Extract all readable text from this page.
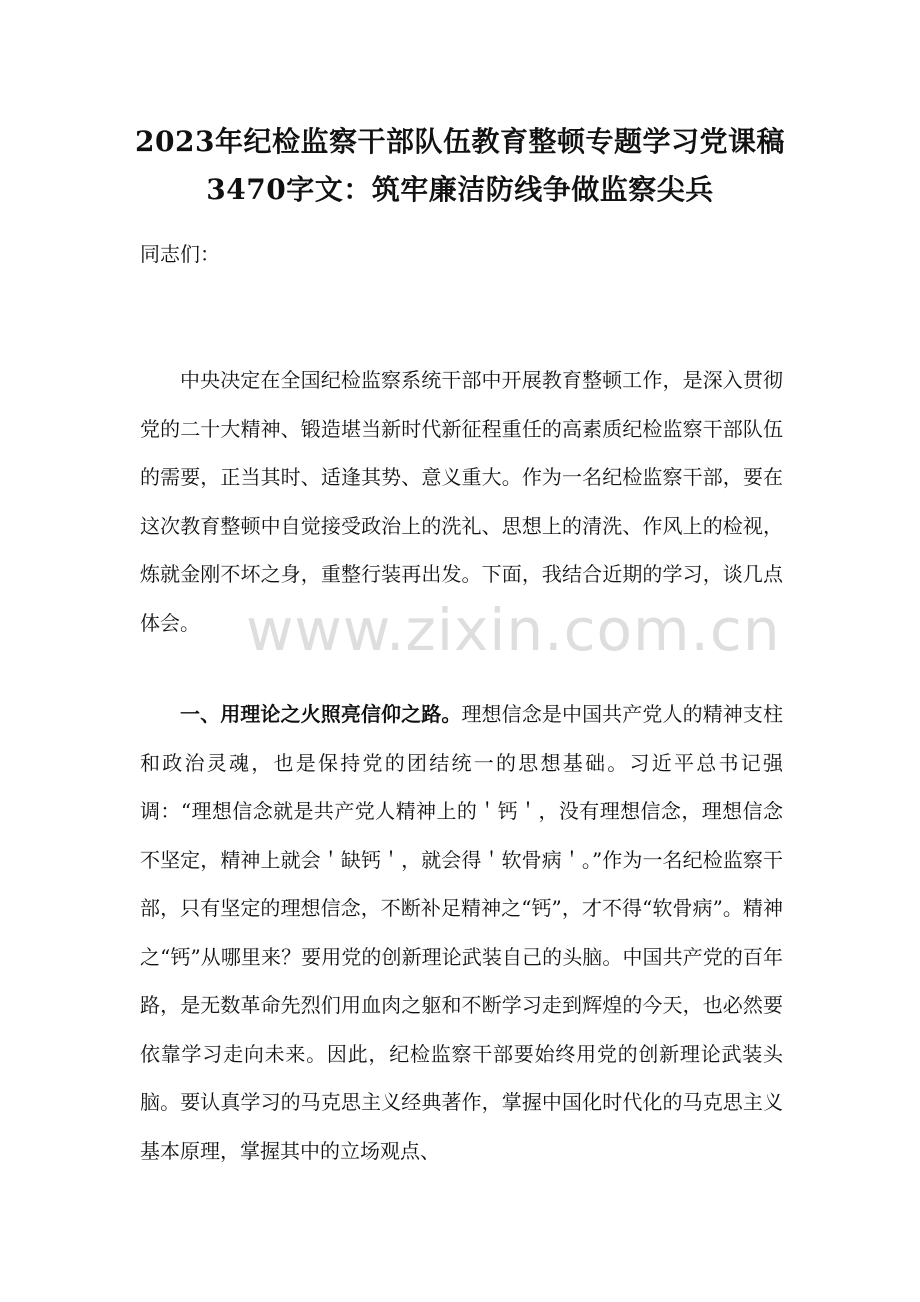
2023年纪检监察干部队伍教育整顿专题学习党课稿
3470字文：筑牢廉洁防线争做监察尖兵
同志们：

中央决定在全国纪检监察系统干部中开展教育整顿工作，是深入贯彻党的二十大精神、锻造堪当新时代新征程重任的高素质纪检监察干部队伍的需要，正当其时、适逢其势、意义重大。作为一名纪检监察干部，要在这次教育整顿中自觉接受政治上的洗礼、思想上的清洗、作风上的检视，炼就金刚不坏之身，重整行装再出发。下面，我结合近期的学习，谈几点体会。

一、用理论之火照亮信仰之路。理想信念是中国共产党人的精神支柱和政治灵魂，也是保持党的团结统一的思想基础。习近平总书记强调：“理想信念就是共产党人精神上的＇钙＇，没有理想信念，理想信念不坚定，精神上就会＇缺钙＇，就会得＇软骨病＇。”作为一名纪检监察干部，只有坚定的理想信念，不断补足精神之“钙”，才不得“软骨病”。精神之“钙”从哪里来？要用党的创新理论武装自己的头脑。中国共产党的百年路，是无数革命先烈们用血肉之躯和不断学习走到辉煌的今天，也必然要依靠学习走向未来。因此，纪检监察干部要始终用党的创新理论武装头脑。要认真学习的马克思主义经典著作，掌握中国化时代化的马克思主义基本原理，掌握其中的立场观点、

www.zixin.com.cn
